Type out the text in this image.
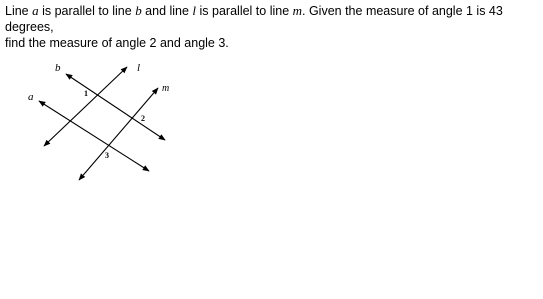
Line a is parallel to line b and line l is parallel to line m. Given the measure of angle 1 is 43 degrees,
find the measure of angle 2 and angle 3.

b
a
l
m
1
2
3
